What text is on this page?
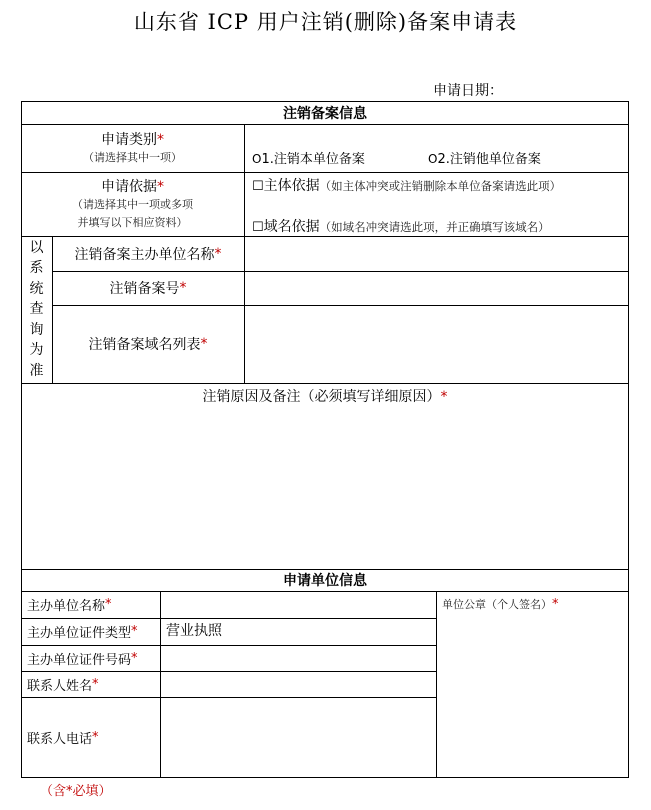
山东省 ICP 用户注销(删除)备案申请表
申请日期：
注销备案信息
申请类别*
（请选择其中一项）	O1.注销本单位备案	O2.注销他单位备案
申请依据*
（请选择其中一项或多项
并填写以下相应资料）
☐主体依据（如主体冲突或注销删除本单位备案请选此项）
☐域名依据（如域名冲突请选此项，并正确填写该域名）
以
系
统
查
询
为
准
注销备案主办单位名称 *
注销备案号 *
注销备案域名列表 *
注销原因及备注（必须填写详细原因）*
申请单位信息
主办单位名称 *
主办单位证件类型 * 营业执照
主办单位证件号码 *
联系人姓名 *
联系人电话 *
单位公章（个人签名）*
（含*必填）
